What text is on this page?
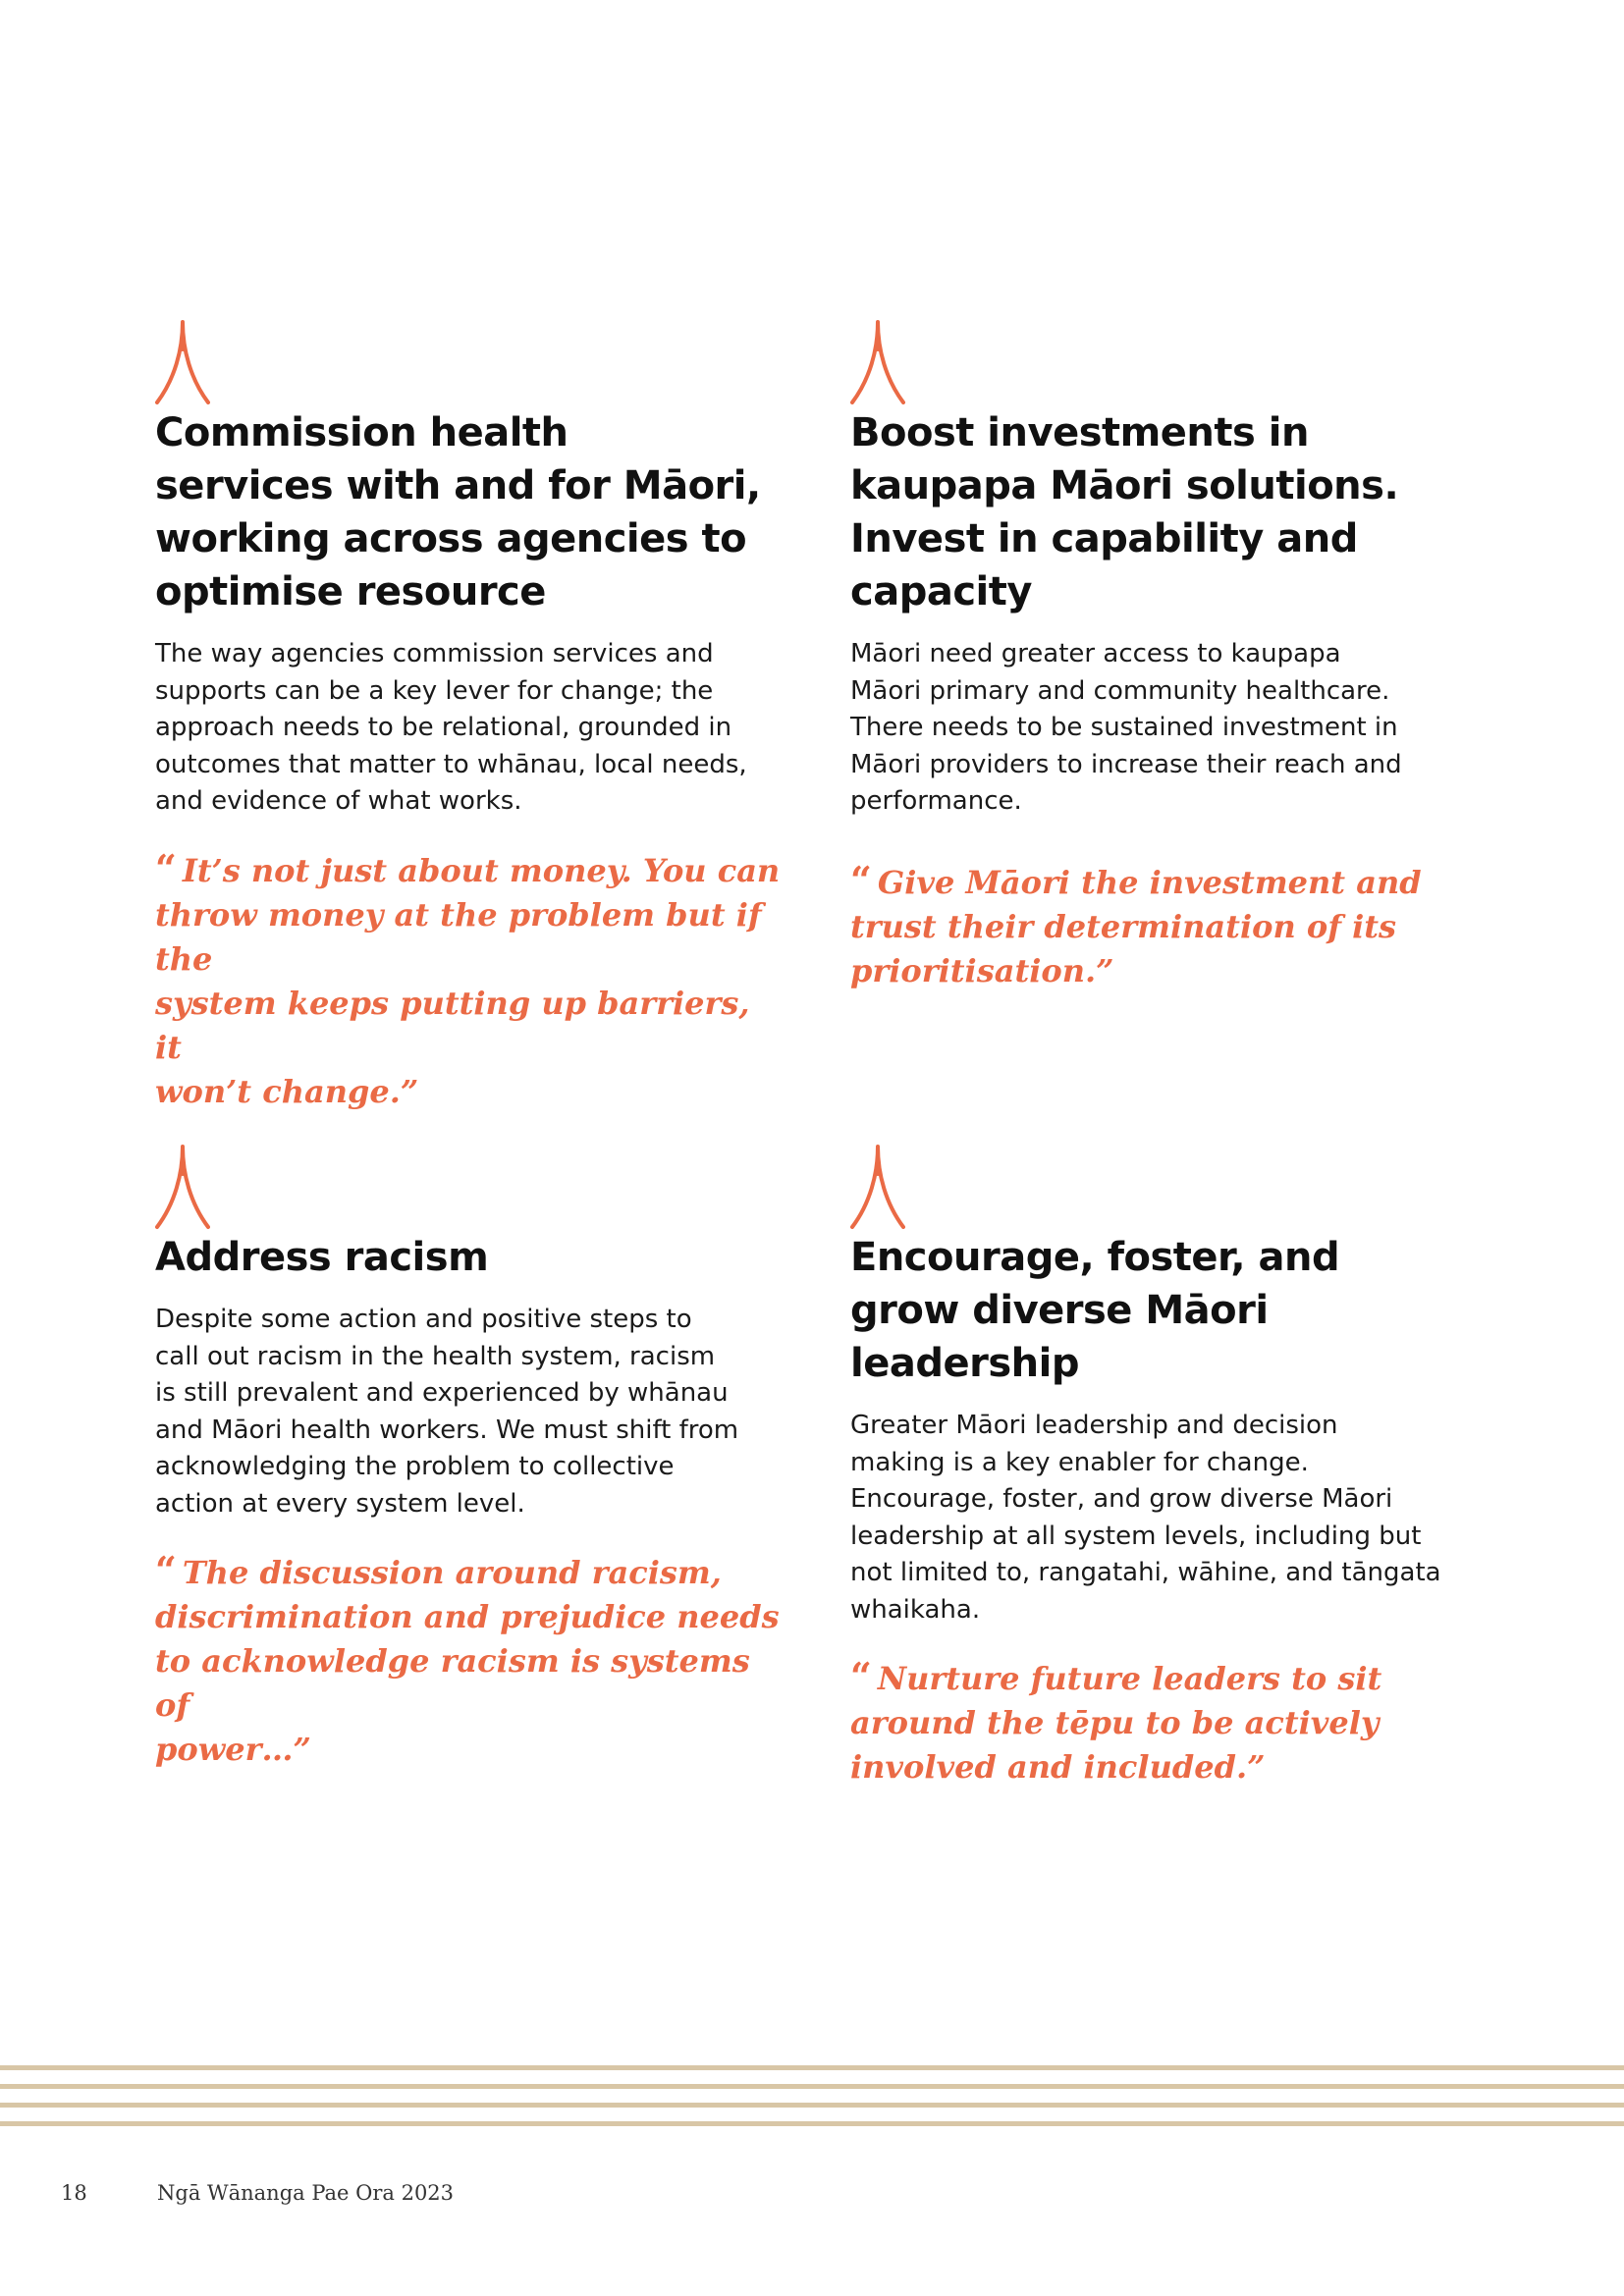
Commission health
services with and for Māori,
working across agencies to
optimise resource

The way agencies commission services and
supports can be a key lever for change; the
approach needs to be relational, grounded in
outcomes that matter to whānau, local needs,
and evidence of what works.

“ It’s not just about money. You can
throw money at the problem but if the
system keeps putting up barriers, it
won’t change.”

Boost investments in
kaupapa Māori solutions.
Invest in capability and
capacity

Māori need greater access to kaupapa
Māori primary and community healthcare.
There needs to be sustained investment in
Māori providers to increase their reach and
performance.

“ Give Māori the investment and
trust their determination of its
prioritisation.”

Address racism

Despite some action and positive steps to
call out racism in the health system, racism
is still prevalent and experienced by whānau
and Māori health workers. We must shift from
acknowledging the problem to collective
action at every system level.

“ The discussion around racism,
discrimination and prejudice needs
to acknowledge racism is systems of
power…”

Encourage, foster, and
grow diverse Māori
leadership

Greater Māori leadership and decision
making is a key enabler for change.
Encourage, foster, and grow diverse Māori
leadership at all system levels, including but
not limited to, rangatahi, wāhine, and tāngata
whaikaha.

“ Nurture future leaders to sit
around the tēpu to be actively
involved and included.”

18	Ngā Wānanga Pae Ora 2023
